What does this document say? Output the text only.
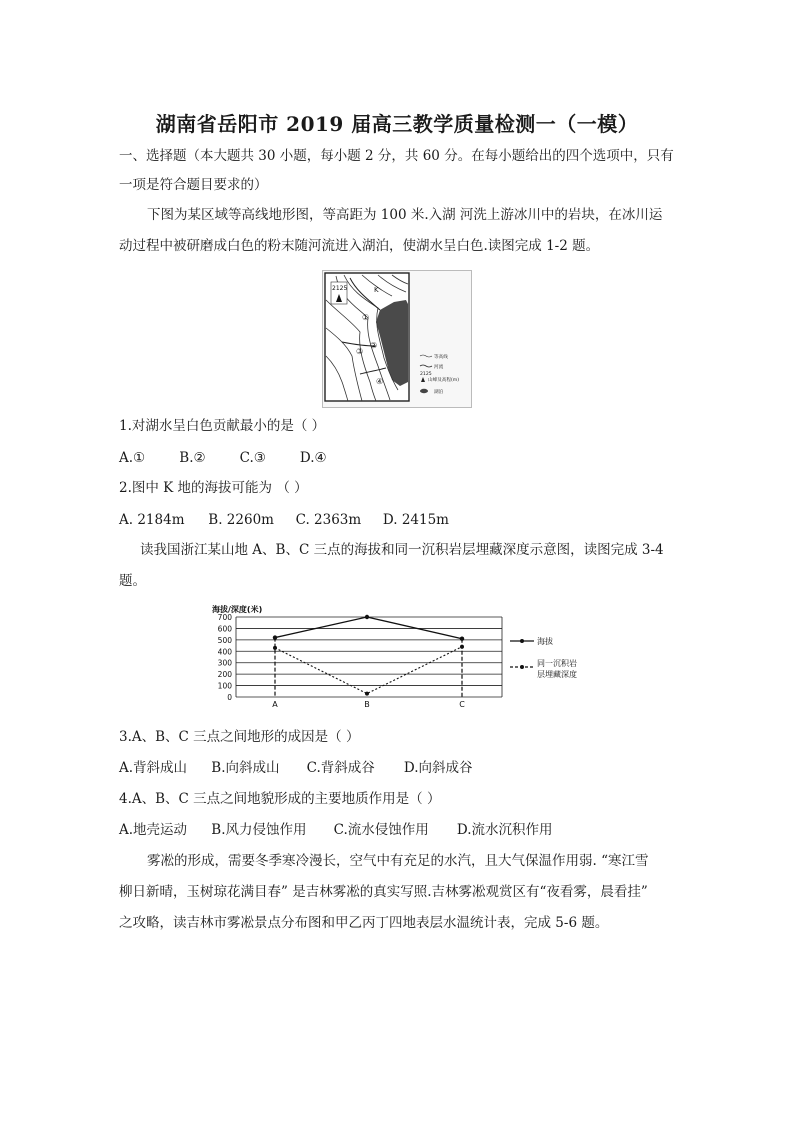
湖南省岳阳市 2019 届高三教学质量检测一（一模）
一、选择题（本大题共 30 小题，每小题 2 分，共 60 分。在每小题给出的四个选项中，只有
一项是符合题目要求的）
下图为某区域等高线地形图，等高距为 100 米.入湖 河洗上游冰川中的岩块，在冰川运
动过程中被研磨成白色的粉末随河流进入湖泊，使湖水呈白色.读图完成 1-2 题。
2125	K
①
②
③
④
等高线
河流
2125
山峰及高程(m)
湖泊
1.对湖水呈白色贡献最小的是（ ）
A.①	B.②	C.③	D.④
2.图中 K 地的海拔可能为 （ ）
A. 2184m B. 2260m C. 2363m D. 2415m
读我国浙江某山地 A、B、C 三点的海拔和同一沉积岩层埋藏深度示意图，读图完成 3-4
题。
海拔/深度(米)
700
600
500
400
300
200
100
0
A	B	C
海拔
同一沉积岩
层埋藏深度
3.A、B、C 三点之间地形的成因是（ ）
A.背斜成山 B.向斜成山 C.背斜成谷 D.向斜成谷
4.A、B、C 三点之间地貌形成的主要地质作用是（ ）
A.地壳运动 B.风力侵蚀作用 C.流水侵蚀作用 D.流水沉积作用
雾凇的形成，需要冬季寒冷漫长，空气中有充足的水汽，且大气保温作用弱. “寒江雪
柳日新晴，玉树琼花满目春” 是吉林雾凇的真实写照.吉林雾凇观赏区有“夜看雾，晨看挂”
之攻略，读吉林市雾凇景点分布图和甲乙丙丁四地表层水温统计表，完成 5-6 题。
